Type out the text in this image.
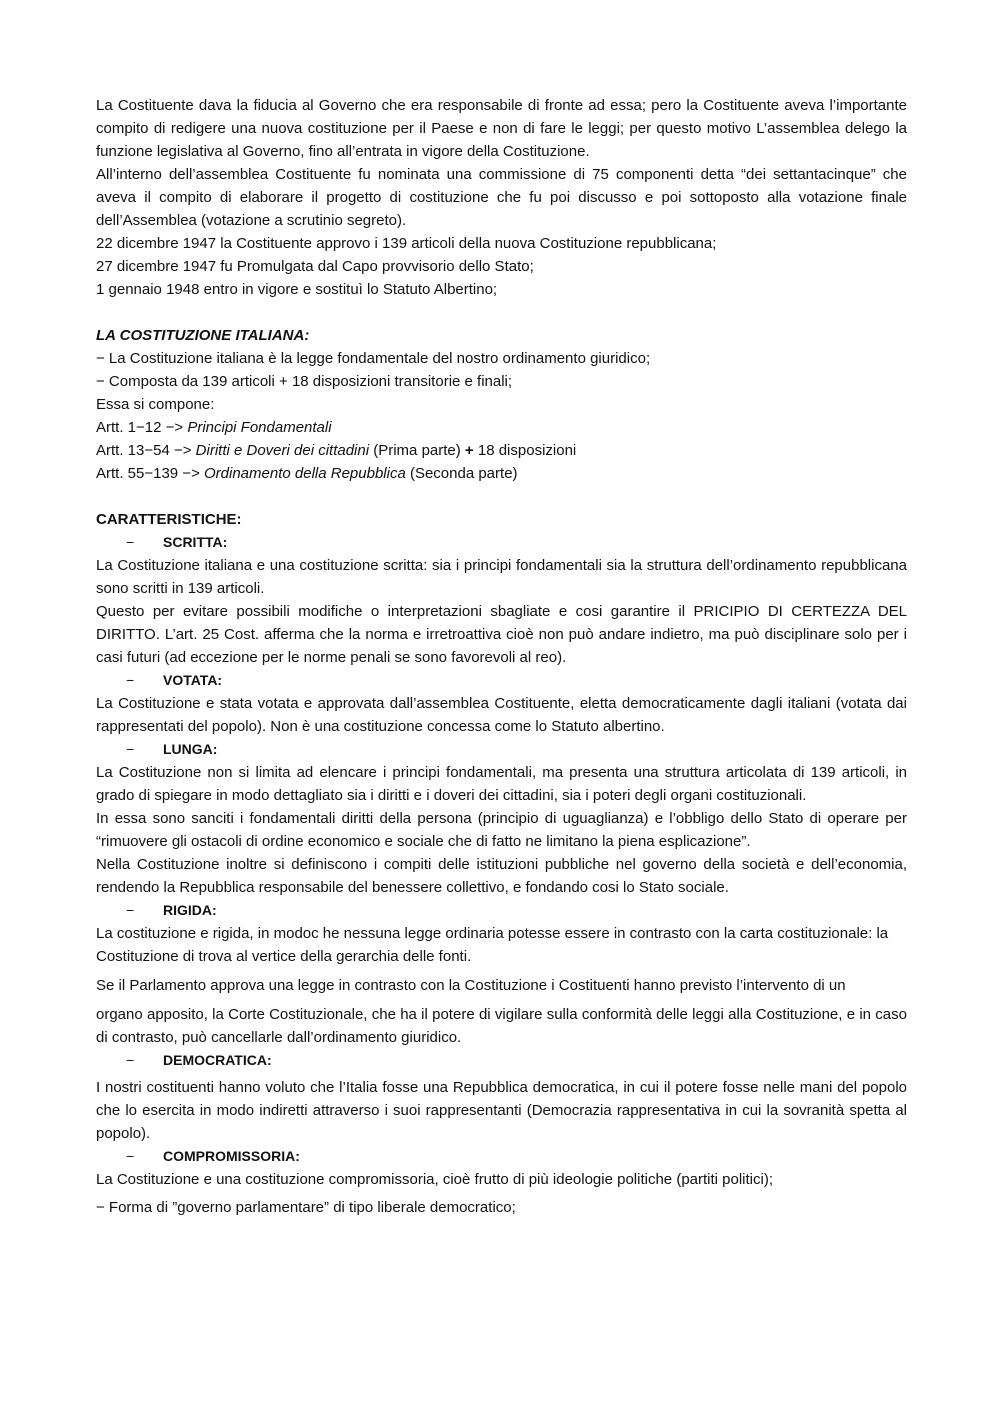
La Costituente dava la fiducia al Governo che era responsabile di fronte ad essa; pero la Costituente aveva l’importante compito di redigere una nuova costituzione per il Paese e non di fare le leggi; per questo motivo L’assemblea delego la funzione legislativa al Governo, fino all’entrata in vigore della Costituzione.

All’interno dell’assemblea Costituente fu nominata una commissione di 75 componenti detta “dei settantacinque” che aveva il compito di elaborare il progetto di costituzione che fu poi discusso e poi sottoposto alla votazione finale dell’Assemblea (votazione a scrutinio segreto).

22 dicembre 1947 la Costituente approvo i 139 articoli della nuova Costituzione repubblicana;

27 dicembre 1947 fu Promulgata dal Capo provvisorio dello Stato;

1 gennaio 1948 entro in vigore e sostituì lo Statuto Albertino;

LA COSTITUZIONE ITALIANA:

− La Costituzione italiana è la legge fondamentale del nostro ordinamento giuridico;

− Composta da 139 articoli + 18 disposizioni transitorie e finali;

Essa si compone:

Artt. 1−12 −> Principi Fondamentali

Artt. 13−54 −> Diritti e Doveri dei cittadini (Prima parte) + 18 disposizioni

Artt. 55−139 −> Ordinamento della Repubblica (Seconda parte)

CARATTERISTICHE:

−	SCRITTA:

La Costituzione italiana e una costituzione scritta: sia i principi fondamentali sia la struttura dell’ordinamento repubblicana sono scritti in 139 articoli.

Questo per evitare possibili modifiche o interpretazioni sbagliate e cosi garantire il PRICIPIO DI CERTEZZA DEL DIRITTO. L’art. 25 Cost. afferma che la norma e irretroattiva cioè non può andare indietro, ma può disciplinare solo per i casi futuri (ad eccezione per le norme penali se sono favorevoli al reo).

−	VOTATA:

La Costituzione e stata votata e approvata dall’assemblea Costituente, eletta democraticamente dagli italiani (votata dai rappresentati del popolo). Non è una costituzione concessa come lo Statuto albertino.

−	LUNGA:

La Costituzione non si limita ad elencare i principi fondamentali, ma presenta una struttura articolata di 139 articoli, in grado di spiegare in modo dettagliato sia i diritti e i doveri dei cittadini, sia i poteri degli organi costituzionali.

In essa sono sanciti i fondamentali diritti della persona (principio di uguaglianza) e l’obbligo dello Stato di operare per “rimuovere gli ostacoli di ordine economico e sociale che di fatto ne limitano la piena esplicazione”.

Nella Costituzione inoltre si definiscono i compiti delle istituzioni pubbliche nel governo della società e dell’economia, rendendo la Repubblica responsabile del benessere collettivo, e fondando cosi lo Stato sociale.

−	RIGIDA:

La costituzione e rigida, in modoc he nessuna legge ordinaria potesse essere in contrasto con la carta costituzionale: la Costituzione di trova al vertice della gerarchia delle fonti.

Se il Parlamento approva una legge in contrasto con la Costituzione i Costituenti hanno previsto l’intervento di un

organo apposito, la Corte Costituzionale, che ha il potere di vigilare sulla conformità delle leggi alla Costituzione, e in caso di contrasto, può cancellarle dall’ordinamento giuridico.

−	DEMOCRATICA:

I nostri costituenti hanno voluto che l’Italia fosse una Repubblica democratica, in cui il potere fosse nelle mani del popolo che lo esercita in modo indiretti attraverso i suoi rappresentanti (Democrazia rappresentativa in cui la sovranità spetta al popolo).

−	COMPROMISSORIA:

La Costituzione e una costituzione compromissoria, cioè frutto di più ideologie politiche (partiti politici);

− Forma di ”governo parlamentare” di tipo liberale democratico;
